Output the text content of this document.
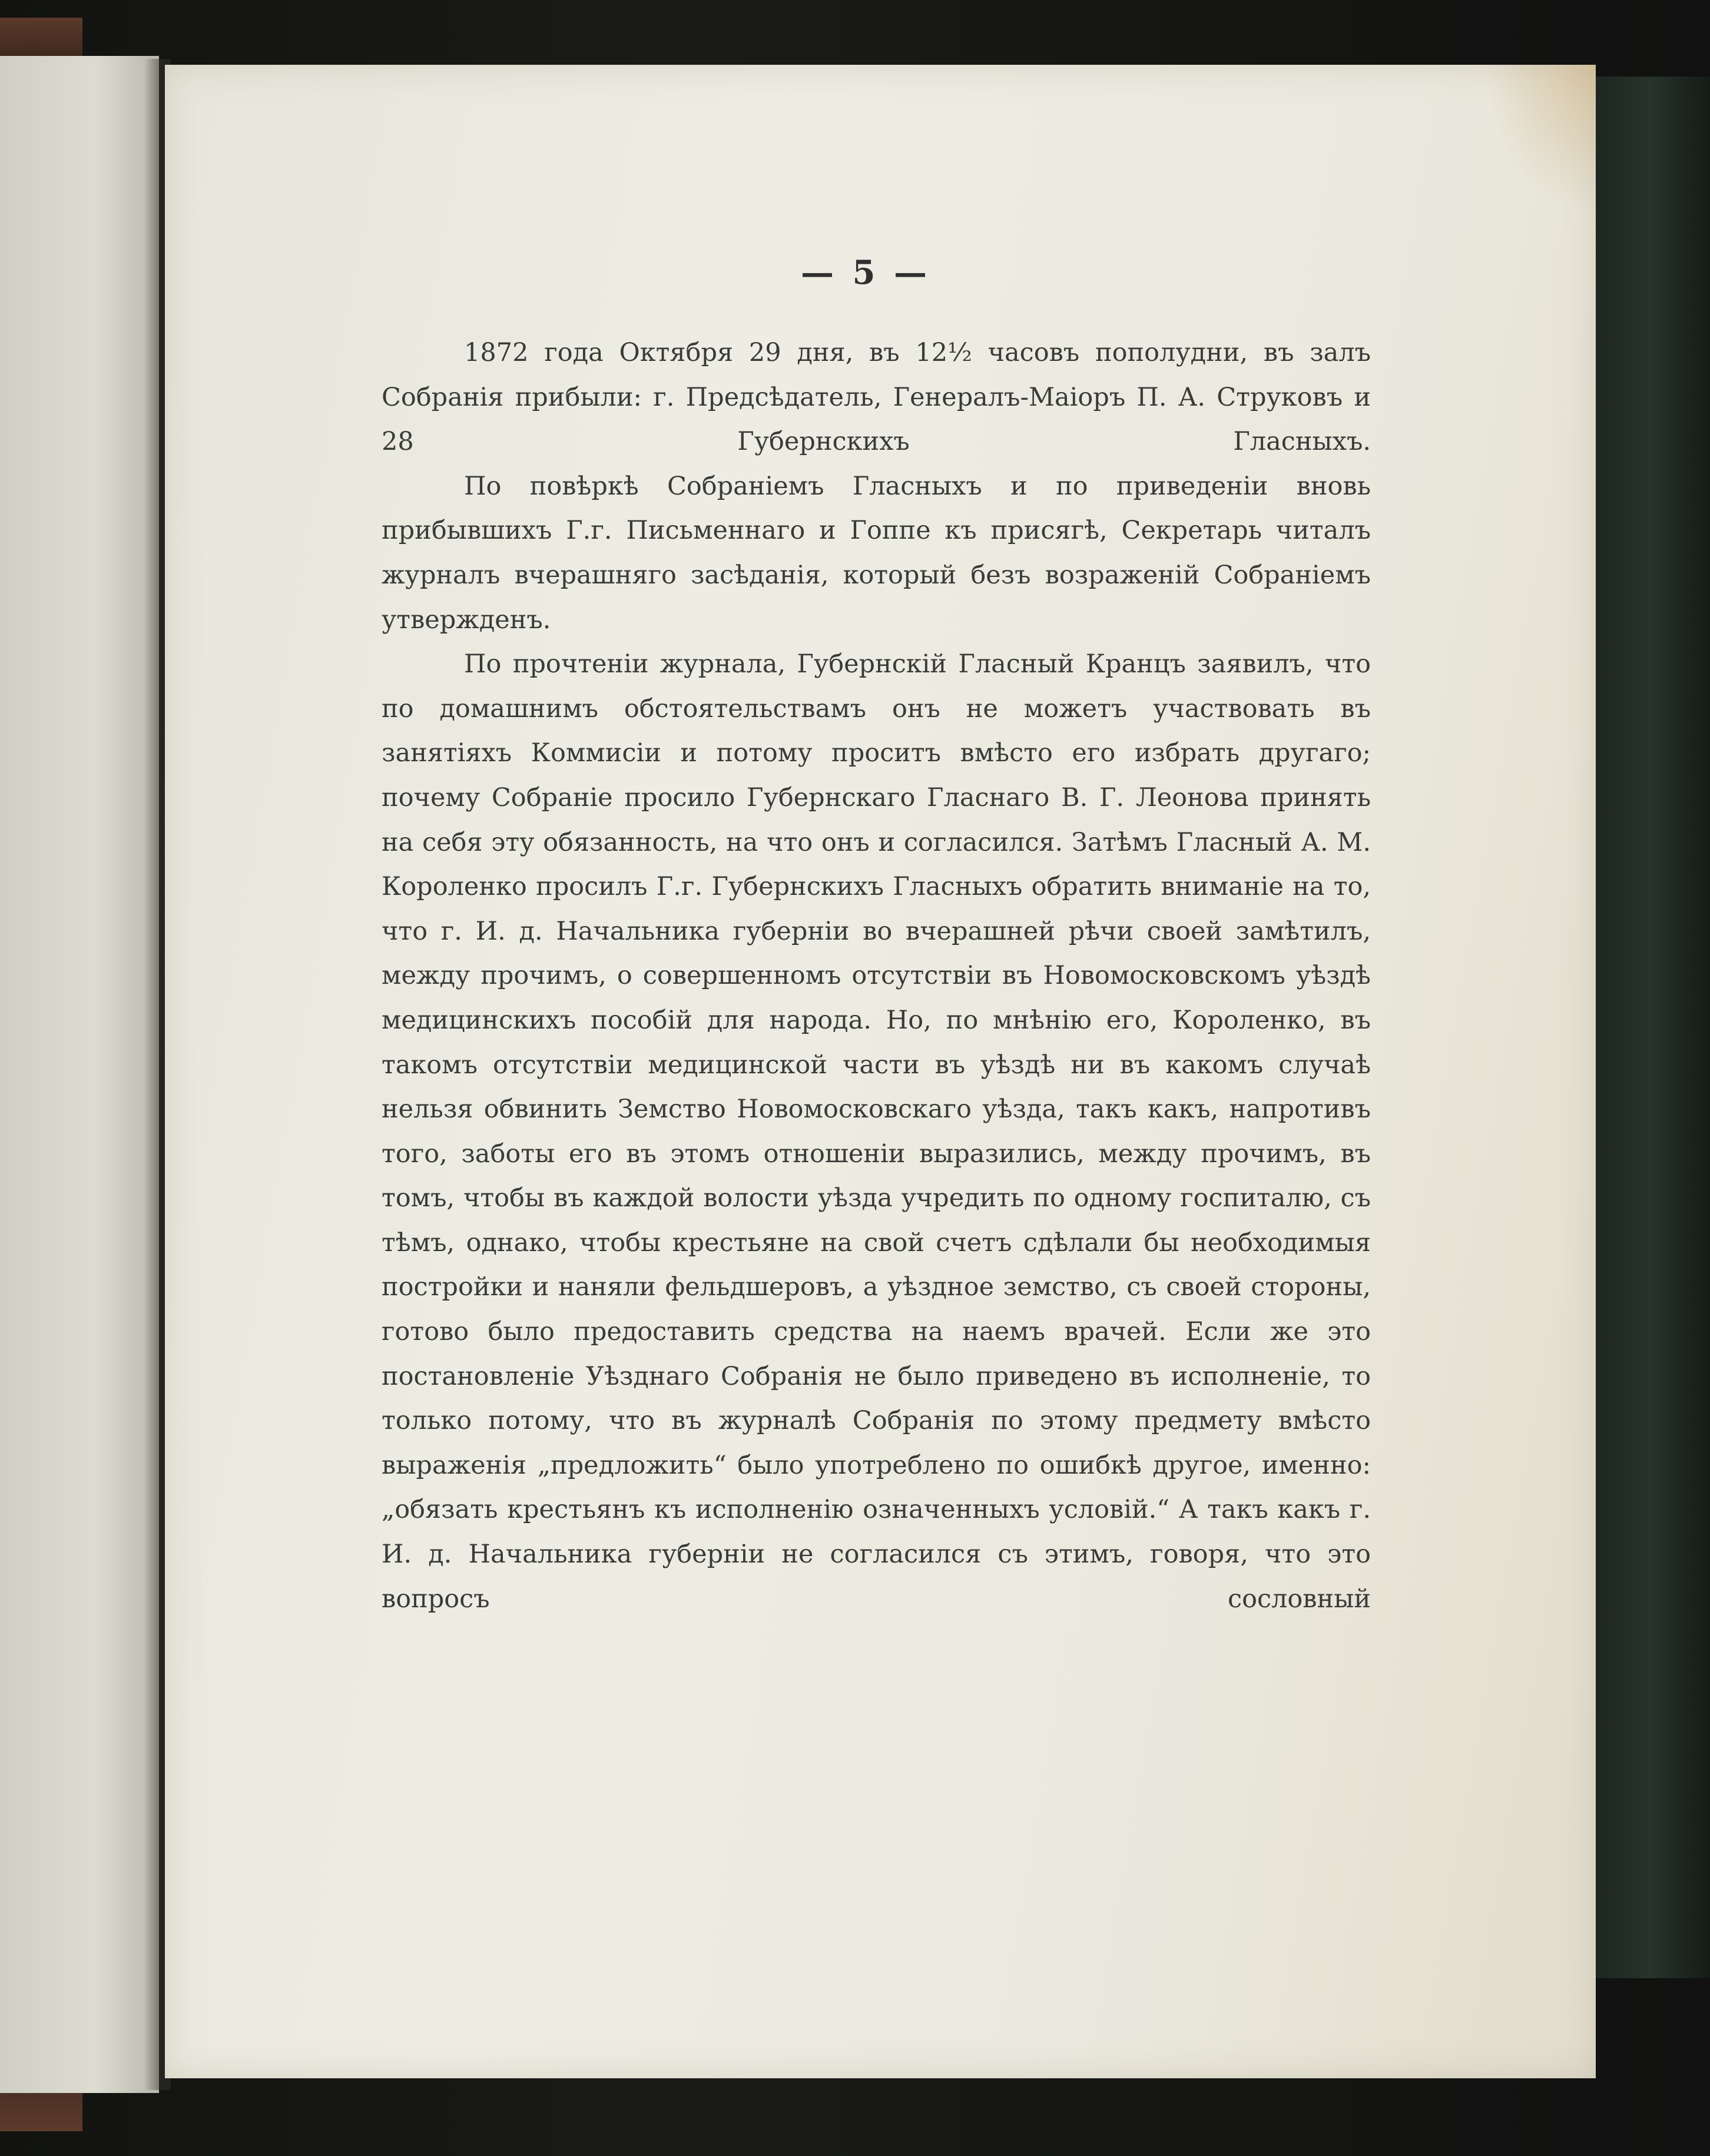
— 5 —

1872 года Октября 29 дня, въ 12½ часовъ пополудни, въ залъ Собранія прибыли: г. Предсѣдатель, Генералъ-Маіоръ П. А. Струковъ и 28 Губернскихъ Гласныхъ.

По повѣркѣ Собраніемъ Гласныхъ и по приведеніи вновь прибывшихъ Г.г. Письменнаго и Гоппе къ присягѣ, Секретарь читалъ журналъ вчерашняго засѣданія, который безъ возраженій Собраніемъ утвержденъ.

По прочтеніи журнала, Губернскій Гласный Кранцъ заявилъ, что по домашнимъ обстоятельствамъ онъ не можетъ участвовать въ занятіяхъ Коммисіи и потому проситъ вмѣсто его избрать другаго; почему Собраніе просило Губернскаго Гласнаго В. Г. Леонова принять на себя эту обязанность, на что онъ и согласился. Затѣмъ Гласный А. М. Короленко просилъ Г.г. Губернскихъ Гласныхъ обратить вниманіе на то, что г. И. д. Начальника губерніи во вчерашней рѣчи своей замѣтилъ, между прочимъ, о совершенномъ отсутствіи въ Новомосковскомъ уѣздѣ медицинскихъ пособій для народа. Но, по мнѣнію его, Короленко, въ такомъ отсутствіи медицинской части въ уѣздѣ ни въ какомъ случаѣ нельзя обвинить Земство Новомосковскаго уѣзда, такъ какъ, напротивъ того, заботы его въ этомъ отношеніи выразились, между прочимъ, въ томъ, чтобы въ каждой волости уѣзда учредить по одному госпиталю, съ тѣмъ, однако, чтобы крестьяне на свой счетъ сдѣлали бы необходимыя постройки и наняли фельдшеровъ, а уѣздное земство, съ своей стороны, готово было предоставить средства на наемъ врачей. Если же это постановленіе Уѣзднаго Собранія не было приведено въ исполненіе, то только потому, что въ журналѣ Собранія по этому предмету вмѣсто выраженія „предложить“ было употреблено по ошибкѣ другое, именно: „обязать крестьянъ къ исполненію означенныхъ условій.“ А такъ какъ г. И. д. Начальника губерніи не согласился съ этимъ, говоря, что это вопросъ сословный
